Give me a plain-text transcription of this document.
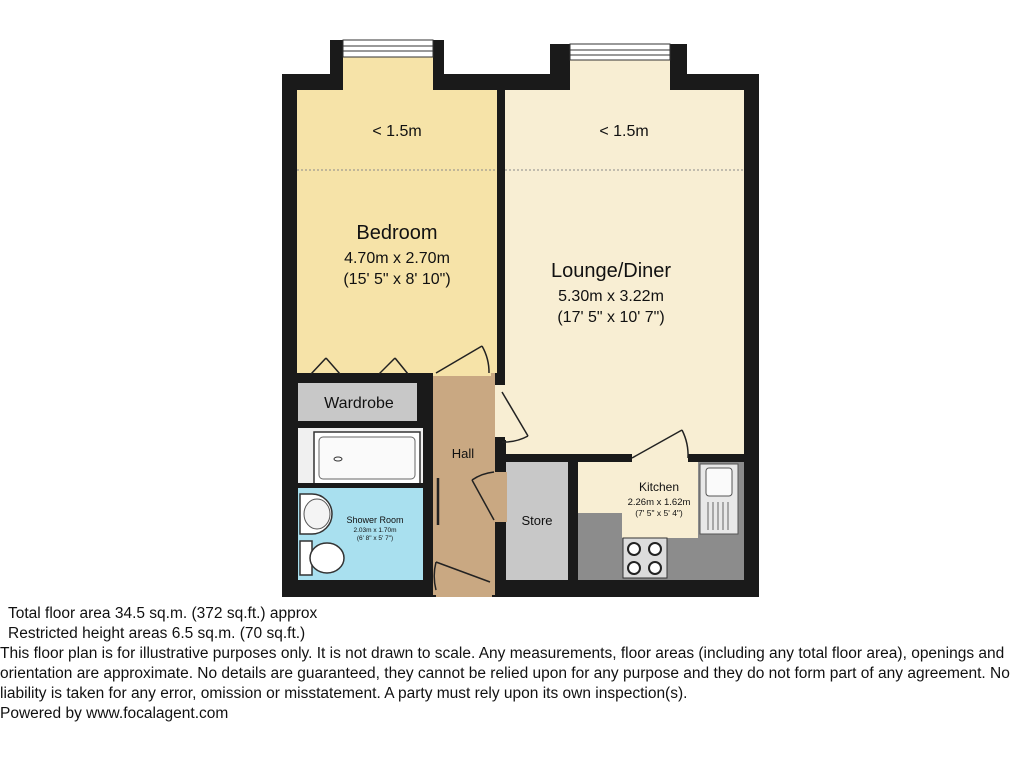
< 1.5m	< 1.5m
Bedroom
4.70m x 2.70m
(15' 5" x 8' 10")	Lounge/Diner
5.30m x 3.22m
(17' 5" x 10' 7")
Wardrobe
Hall
Store
Shower Room
2.03m x 1.70m
(6' 8" x 5' 7")
Kitchen
2.26m x 1.62m
(7' 5" x 5' 4")
Total floor area 34.5 sq.m. (372 sq.ft.) approx
Restricted height areas 6.5 sq.m. (70 sq.ft.)
This floor plan is for illustrative purposes only. It is not drawn to scale. Any measurements, floor areas (including any total floor area), openings and orientation are approximate. No details are guaranteed, they cannot be relied upon for any purpose and they do not form part of any agreement. No liability is taken for any error, omission or misstatement. A party must rely upon its own inspection(s).
Powered by www.focalagent.com
